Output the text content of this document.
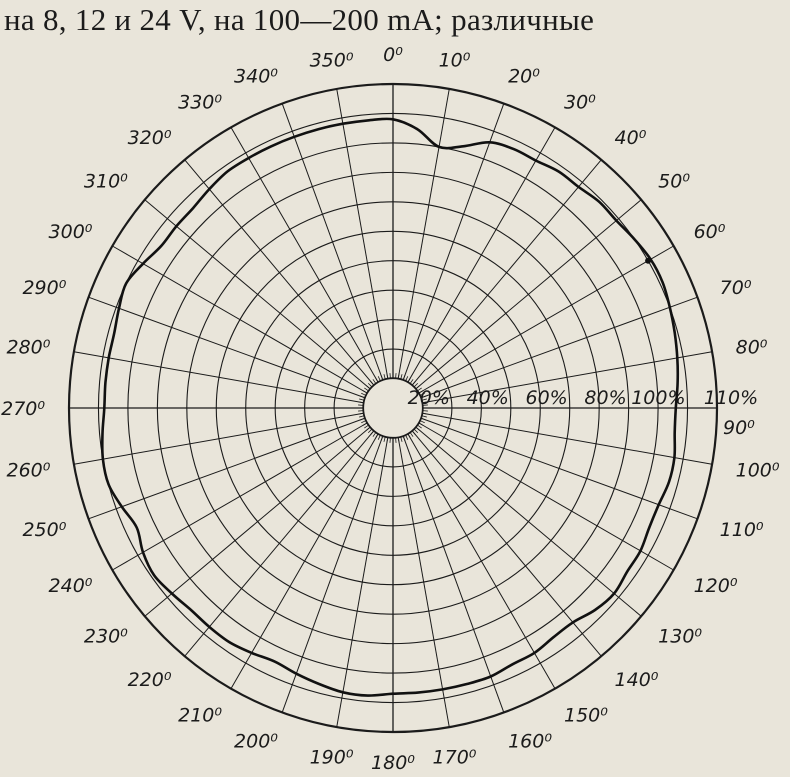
на 8, 12 и 24 V, на 100—200 mA; различные
0⁰ 10⁰
20⁰
30⁰
40⁰
50⁰
60⁰
70⁰
80⁰
90⁰
100⁰
110⁰
120⁰
130⁰
140⁰
150⁰
160⁰
170⁰
180⁰
190⁰
200⁰
210⁰
220⁰
230⁰
240⁰
250⁰
260⁰
270⁰
280⁰
290⁰
300⁰
310⁰
320⁰
330⁰
340⁰
350⁰
20% 40% 60% 80% 100% 110%
